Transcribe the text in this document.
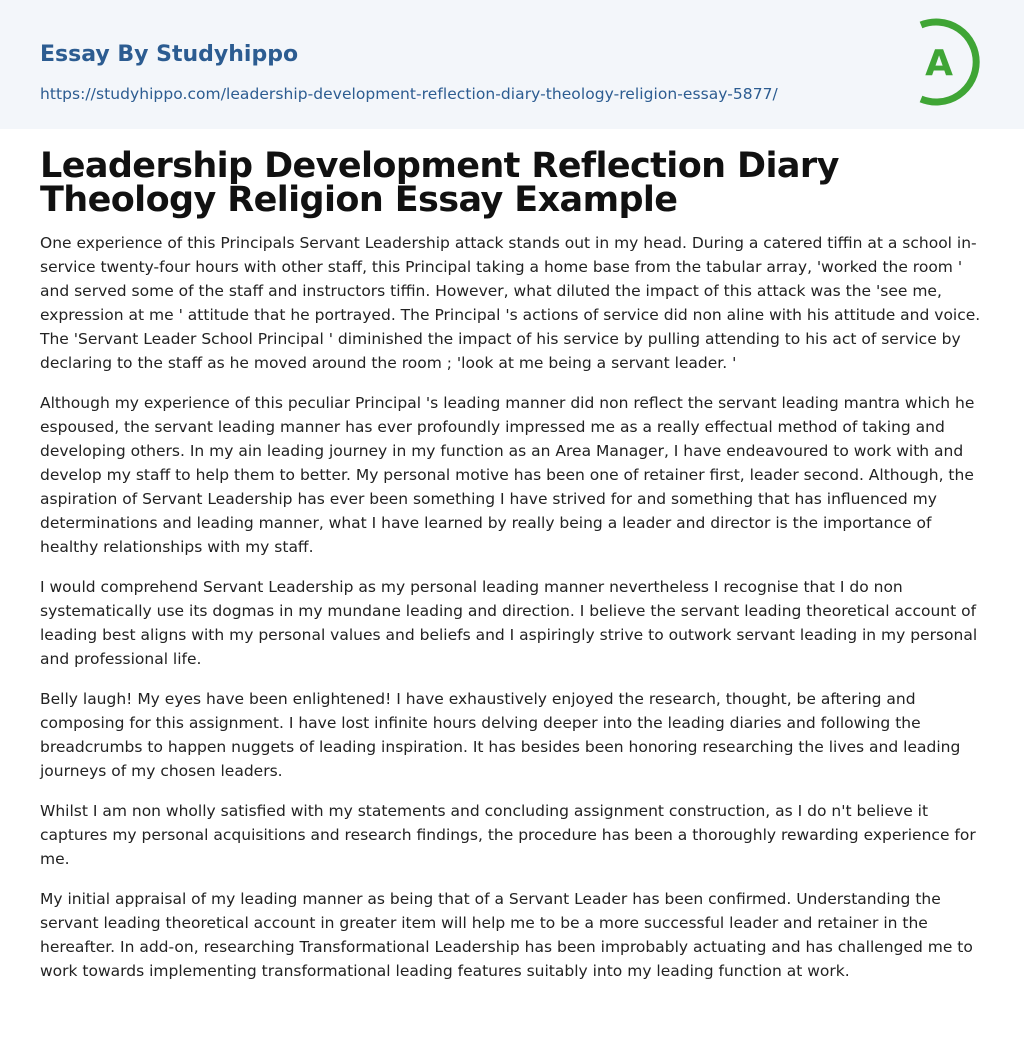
Essay By Studyhippo
https://studyhippo.com/leadership-development-reflection-diary-theology-religion-essay-5877/
A
Leadership Development Reflection Diary Theology Religion Essay Example

One experience of this Principals Servant Leadership attack stands out in my head. During a catered tiffin at a school in-service twenty-four hours with other staff, this Principal taking a home base from the tabular array, 'worked the room ' and served some of the staff and instructors tiffin. However, what diluted the impact of this attack was the 'see me, expression at me ' attitude that he portrayed. The Principal 's actions of service did non aline with his attitude and voice. The 'Servant Leader School Principal ' diminished the impact of his service by pulling attending to his act of service by declaring to the staff as he moved around the room ; 'look at me being a servant leader. '

Although my experience of this peculiar Principal 's leading manner did non reflect the servant leading mantra which he espoused, the servant leading manner has ever profoundly impressed me as a really effectual method of taking and developing others. In my ain leading journey in my function as an Area Manager, I have endeavoured to work with and develop my staff to help them to better. My personal motive has been one of retainer first, leader second. Although, the aspiration of Servant Leadership has ever been something I have strived for and something that has influenced my determinations and leading manner, what I have learned by really being a leader and director is the importance of healthy relationships with my staff.

I would comprehend Servant Leadership as my personal leading manner nevertheless I recognise that I do non systematically use its dogmas in my mundane leading and direction. I believe the servant leading theoretical account of leading best aligns with my personal values and beliefs and I aspiringly strive to outwork servant leading in my personal and professional life.

Belly laugh! My eyes have been enlightened! I have exhaustively enjoyed the research, thought, be aftering and composing for this assignment. I have lost infinite hours delving deeper into the leading diaries and following the breadcrumbs to happen nuggets of leading inspiration. It has besides been honoring researching the lives and leading journeys of my chosen leaders.

Whilst I am non wholly satisfied with my statements and concluding assignment construction, as I do n't believe it captures my personal acquisitions and research findings, the procedure has been a thoroughly rewarding experience for me.

My initial appraisal of my leading manner as being that of a Servant Leader has been confirmed. Understanding the servant leading theoretical account in greater item will help me to be a more successful leader and retainer in the hereafter. In add-on, researching Transformational Leadership has been improbably actuating and has challenged me to work towards implementing transformational leading features suitably into my leading function at work.
